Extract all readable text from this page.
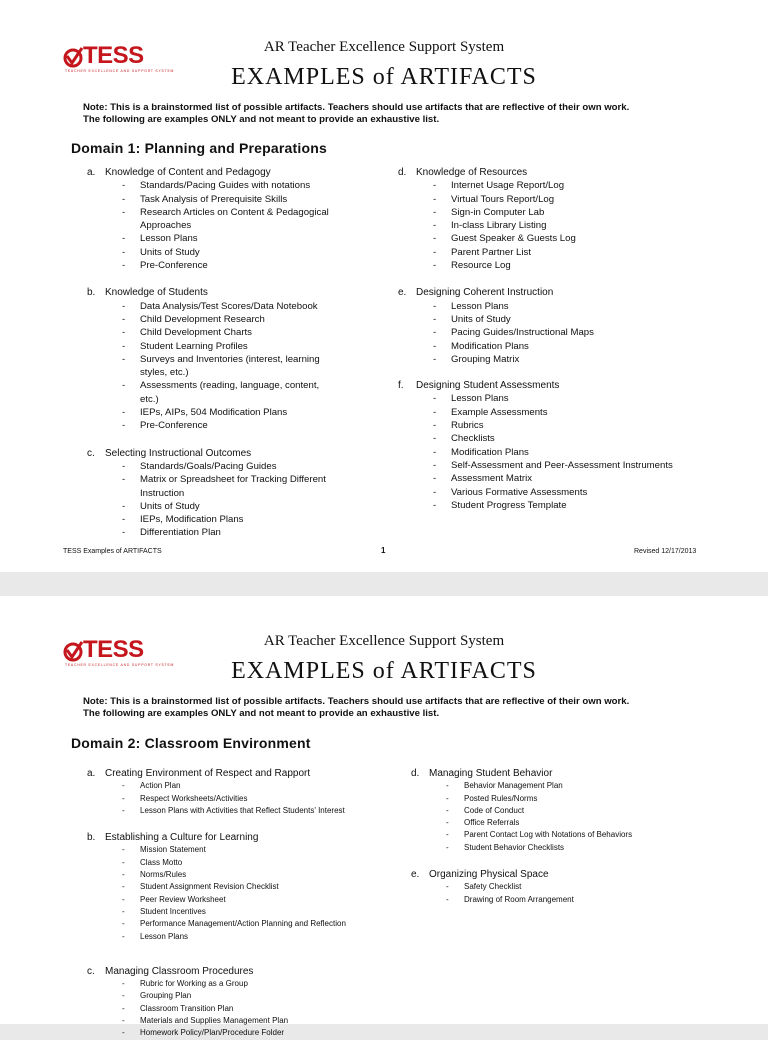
TESS
TEACHER EXCELLENCE AND SUPPORT SYSTEM
AR Teacher Excellence Support System
EXAMPLES of ARTIFACTS
Note: This is a brainstormed list of possible artifacts. Teachers should use artifacts that are reflective of their own work.
The following are examples ONLY and not meant to provide an exhaustive list.
Domain 1: Planning and Preparations
a. Knowledge of Content and Pedagogy
- Standards/Pacing Guides with notations
- Task Analysis of Prerequisite Skills
- Research Articles on Content & Pedagogical Approaches
- Lesson Plans
- Units of Study
- Pre-Conference
b. Knowledge of Students
- Data Analysis/Test Scores/Data Notebook
- Child Development Research
- Child Development Charts
- Student Learning Profiles
- Surveys and Inventories (interest, learning styles, etc.)
- Assessments (reading, language, content, etc.)
- IEPs, AIPs, 504 Modification Plans
- Pre-Conference
c. Selecting Instructional Outcomes
- Standards/Goals/Pacing Guides
- Matrix or Spreadsheet for Tracking Different Instruction
- Units of Study
- IEPs, Modification Plans
- Differentiation Plan
d. Knowledge of Resources
- Internet Usage Report/Log
- Virtual Tours Report/Log
- Sign-in Computer Lab
- In-class Library Listing
- Guest Speaker & Guests Log
- Parent Partner List
- Resource Log
e. Designing Coherent Instruction
- Lesson Plans
- Units of Study
- Pacing Guides/Instructional Maps
- Modification Plans
- Grouping Matrix
f. Designing Student Assessments
- Lesson Plans
- Example Assessments
- Rubrics
- Checklists
- Modification Plans
- Self-Assessment and Peer-Assessment Instruments
- Assessment Matrix
- Various Formative Assessments
- Student Progress Template
TESS Examples of ARTIFACTS	1	Revised 12/17/2013
TESS
TEACHER EXCELLENCE AND SUPPORT SYSTEM
AR Teacher Excellence Support System
EXAMPLES of ARTIFACTS
Note: This is a brainstormed list of possible artifacts. Teachers should use artifacts that are reflective of their own work.
The following are examples ONLY and not meant to provide an exhaustive list.
Domain 2: Classroom Environment
a. Creating Environment of Respect and Rapport
- Action Plan
- Respect Worksheets/Activities
- Lesson Plans with Activities that Reflect Students' Interest
b. Establishing a Culture for Learning
- Mission Statement
- Class Motto
- Norms/Rules
- Student Assignment Revision Checklist
- Peer Review Worksheet
- Student Incentives
- Performance Management/Action Planning and Reflection
- Lesson Plans
c. Managing Classroom Procedures
- Rubric for Working as a Group
- Grouping Plan
- Classroom Transition Plan
- Materials and Supplies Management Plan
- Homework Policy/Plan/Procedure Folder
d. Managing Student Behavior
- Behavior Management Plan
- Posted Rules/Norms
- Code of Conduct
- Office Referrals
- Parent Contact Log with Notations of Behaviors
- Student Behavior Checklists
e. Organizing Physical Space
- Safety Checklist
- Drawing of Room Arrangement
